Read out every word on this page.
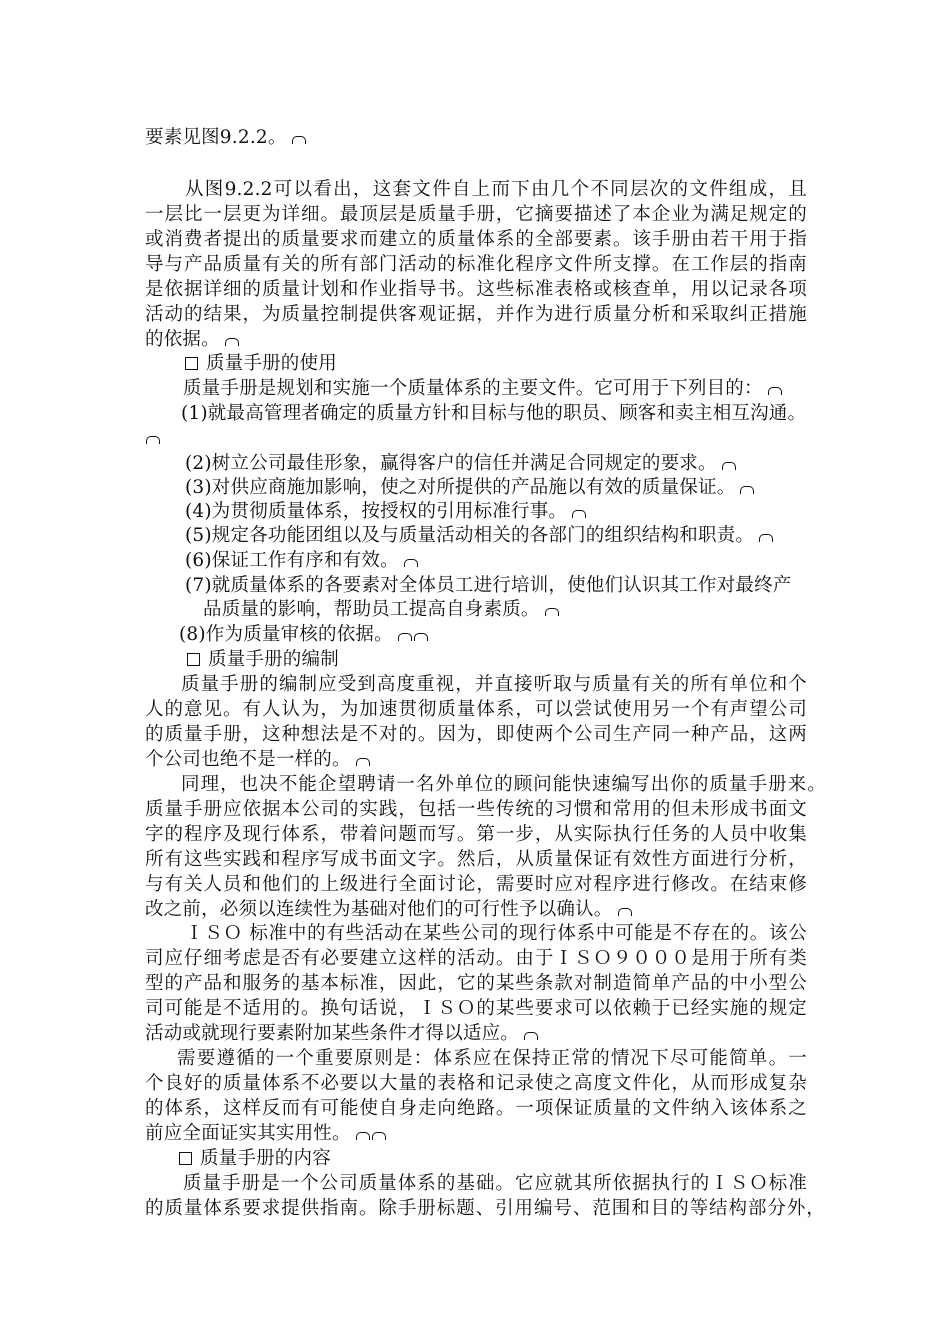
要素见图9.2.2。
从图9.2.2可以看出，这套文件自上而下由几个不同层次的文件组成，且
一层比一层更为详细。最顶层是质量手册，它摘要描述了本企业为满足规定的
或消费者提出的质量要求而建立的质量体系的全部要素。该手册由若干用于指
导与产品质量有关的所有部门活动的标准化程序文件所支撑。在工作层的指南
是依据详细的质量计划和作业指导书。这些标准表格或核查单，用以记录各项
活动的结果，为质量控制提供客观证据，并作为进行质量分析和采取纠正措施
的依据。
质量手册的使用
质量手册是规划和实施一个质量体系的主要文件。它可用于下列目的：
(1)就最高管理者确定的质量方针和目标与他的职员、顾客和卖主相互沟通。
(2)树立公司最佳形象，赢得客户的信任并满足合同规定的要求。
(3)对供应商施加影响，使之对所提供的产品施以有效的质量保证。
(4)为贯彻质量体系，按授权的引用标准行事。
(5)规定各功能团组以及与质量活动相关的各部门的组织结构和职责。
(6)保证工作有序和有效。
(7)就质量体系的各要素对全体员工进行培训，使他们认识其工作对最终产
品质量的影响，帮助员工提高自身素质。
(8)作为质量审核的依据。
质量手册的编制
质量手册的编制应受到高度重视，并直接听取与质量有关的所有单位和个
人的意见。有人认为，为加速贯彻质量体系，可以尝试使用另一个有声望公司
的质量手册，这种想法是不对的。因为，即使两个公司生产同一种产品，这两
个公司也绝不是一样的。
同理，也决不能企望聘请一名外单位的顾问能快速编写出你的质量手册来。
质量手册应依据本公司的实践，包括一些传统的习惯和常用的但未形成书面文
字的程序及现行体系，带着问题而写。第一步，从实际执行任务的人员中收集
所有这些实践和程序写成书面文字。然后，从质量保证有效性方面进行分析，
与有关人员和他们的上级进行全面讨论，需要时应对程序进行修改。在结束修
改之前，必须以连续性为基础对他们的可行性予以确认。
ＩＳＯ 标准中的有些活动在某些公司的现行体系中可能是不存在的。该公
司应仔细考虑是否有必要建立这样的活动。由于ＩＳＯ９０００是用于所有类
型的产品和服务的基本标准，因此，它的某些条款对制造简单产品的中小型公
司可能是不适用的。换句话说，ＩＳＯ的某些要求可以依赖于已经实施的规定
活动或就现行要素附加某些条件才得以适应。
需要遵循的一个重要原则是：体系应在保持正常的情况下尽可能简单。一
个良好的质量体系不必要以大量的表格和记录使之高度文件化，从而形成复杂
的体系，这样反而有可能使自身走向绝路。一项保证质量的文件纳入该体系之
前应全面证实其实用性。
质量手册的内容
质量手册是一个公司质量体系的基础。它应就其所依据执行的ＩＳＯ标准
的质量体系要求提供指南。除手册标题、引用编号、范围和目的等结构部分外，
